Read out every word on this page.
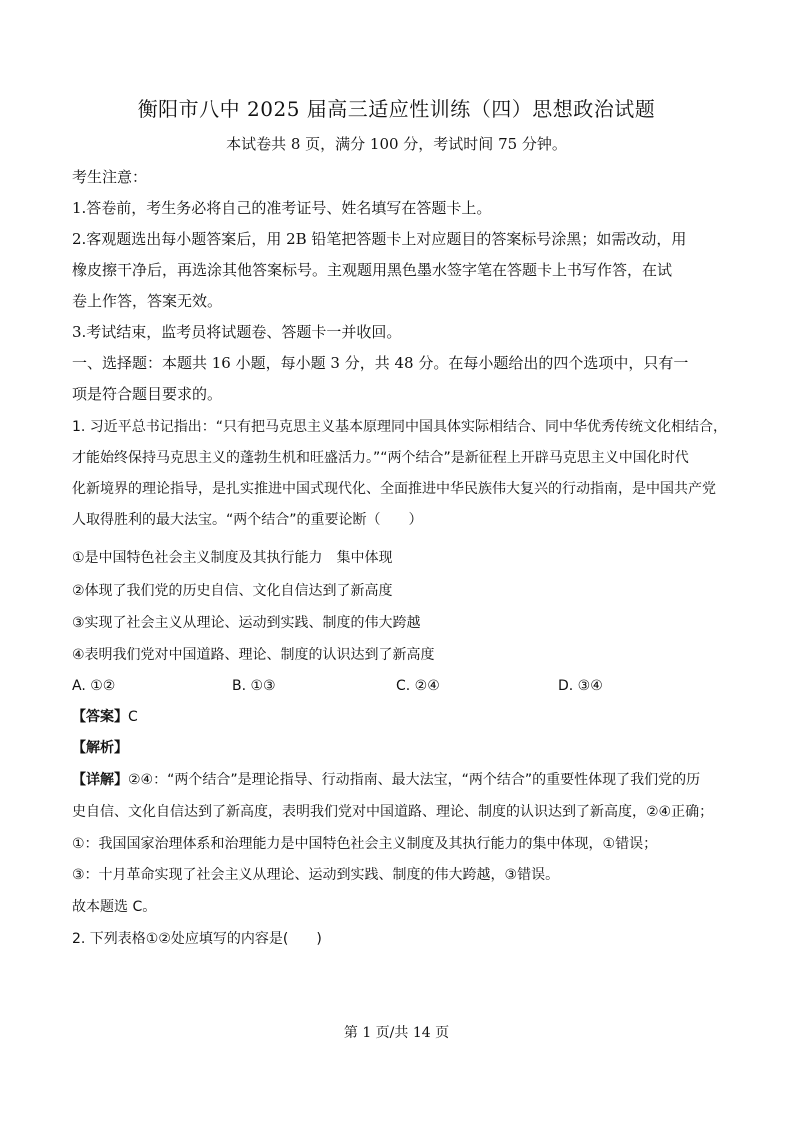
衡阳市八中 2025 届高三适应性训练（四）思想政治试题
本试卷共 8 页，满分 100 分，考试时间 75 分钟。
考生注意：
1.答卷前，考生务必将自己的准考证号、姓名填写在答题卡上。
2.客观题选出每小题答案后，用 2B 铅笔把答题卡上对应题目的答案标号涂黑；如需改动，用
橡皮擦干净后，再选涂其他答案标号。主观题用黑色墨水签字笔在答题卡上书写作答，在试
卷上作答，答案无效。
3.考试结束，监考员将试题卷、答题卡一并收回。
一、选择题：本题共 16 小题，每小题 3 分，共 48 分。在每小题给出的四个选项中，只有一
项是符合题目要求的。
1. 习近平总书记指出：“只有把马克思主义基本原理同中国具体实际相结合、同中华优秀传统文化相结合，
才能始终保持马克思主义的蓬勃生机和旺盛活力。”“两个结合”是新征程上开辟马克思主义中国化时代
化新境界的理论指导，是扎实推进中国式现代化、全面推进中华民族伟大复兴的行动指南，是中国共产党
人取得胜利的最大法宝。“两个结合”的重要论断（　　）
①是中国特色社会主义制度及其执行能力　集中体现
②体现了我们党的历史自信、文化自信达到了新高度
③实现了社会主义从理论、运动到实践、制度的伟大跨越
④表明我们党对中国道路、理论、制度的认识达到了新高度
A. ①②	B. ①③	C. ②④	D. ③④
【答案】C
【解析】
【详解】②④：“两个结合”是理论指导、行动指南、最大法宝，“两个结合”的重要性体现了我们党的历
史自信、文化自信达到了新高度，表明我们党对中国道路、理论、制度的认识达到了新高度，②④正确；
①：我国国家治理体系和治理能力是中国特色社会主义制度及其执行能力的集中体现，①错误；
③：十月革命实现了社会主义从理论、运动到实践、制度的伟大跨越，③错误。
故本题选 C。
2. 下列表格①②处应填写的内容是(　　)
第 1 页/共 14 页
